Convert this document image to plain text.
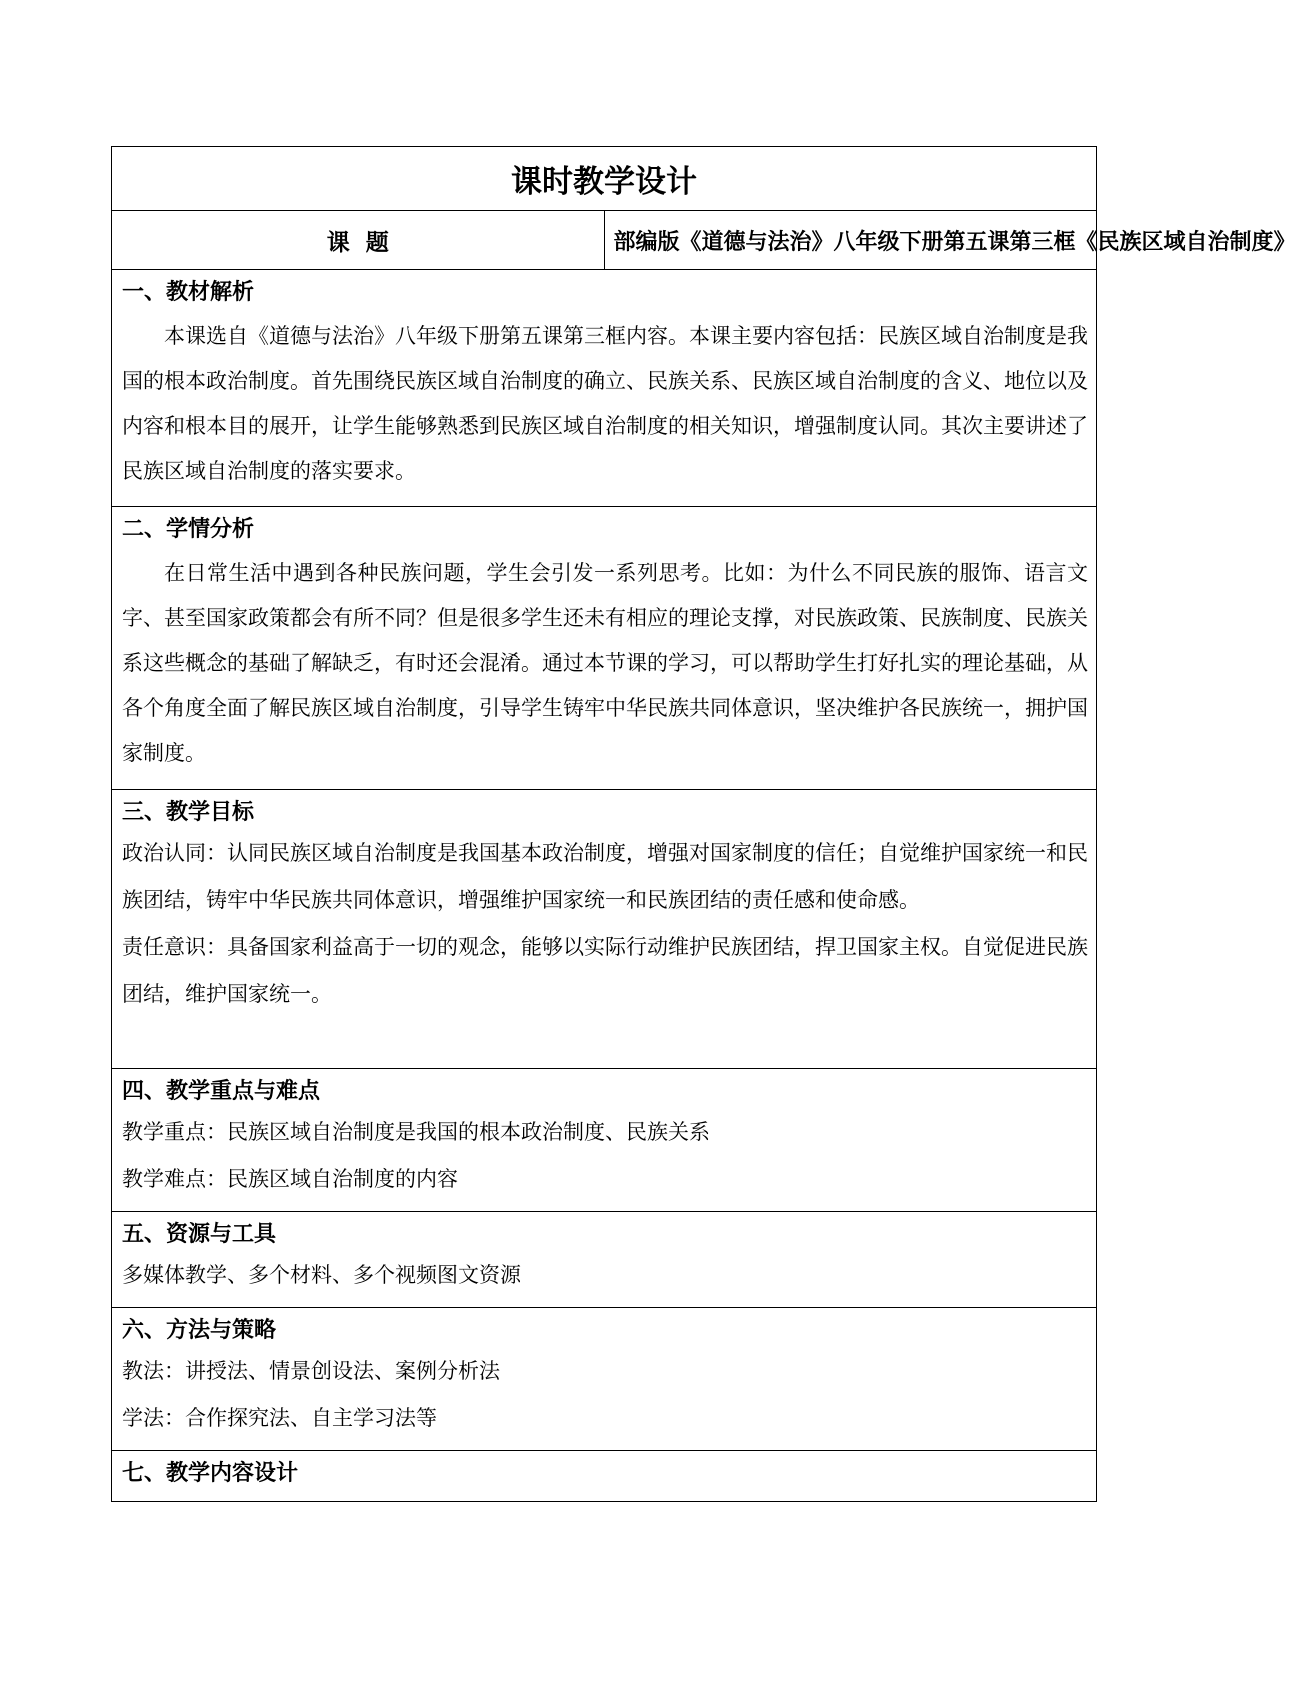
课时教学设计
课  题	部编版《道德与法治》八年级下册第五课第三框《民族区域自治制度》

一、教材解析

本课选自《道德与法治》八年级下册第五课第三框内容。本课主要内容包括：民族区域自治制度是我国的根本政治制度。首先围绕民族区域自治制度的确立、民族关系、民族区域自治制度的含义、地位以及内容和根本目的展开，让学生能够熟悉到民族区域自治制度的相关知识，增强制度认同。其次主要讲述了民族区域自治制度的落实要求。

二、学情分析

在日常生活中遇到各种民族问题，学生会引发一系列思考。比如：为什么不同民族的服饰、语言文字、甚至国家政策都会有所不同？但是很多学生还未有相应的理论支撑，对民族政策、民族制度、民族关系这些概念的基础了解缺乏，有时还会混淆。通过本节课的学习，可以帮助学生打好扎实的理论基础，从各个角度全面了解民族区域自治制度，引导学生铸牢中华民族共同体意识，坚决维护各民族统一，拥护国家制度。

三、教学目标

政治认同：认同民族区域自治制度是我国基本政治制度，增强对国家制度的信任；自觉维护国家统一和民族团结，铸牢中华民族共同体意识，增强维护国家统一和民族团结的责任感和使命感。

责任意识：具备国家利益高于一切的观念，能够以实际行动维护民族团结，捍卫国家主权。自觉促进民族团结，维护国家统一。

四、教学重点与难点

教学重点：民族区域自治制度是我国的根本政治制度、民族关系

教学难点：民族区域自治制度的内容

五、资源与工具

多媒体教学、多个材料、多个视频图文资源

六、方法与策略

教法：讲授法、情景创设法、案例分析法

学法：合作探究法、自主学习法等

七、教学内容设计
